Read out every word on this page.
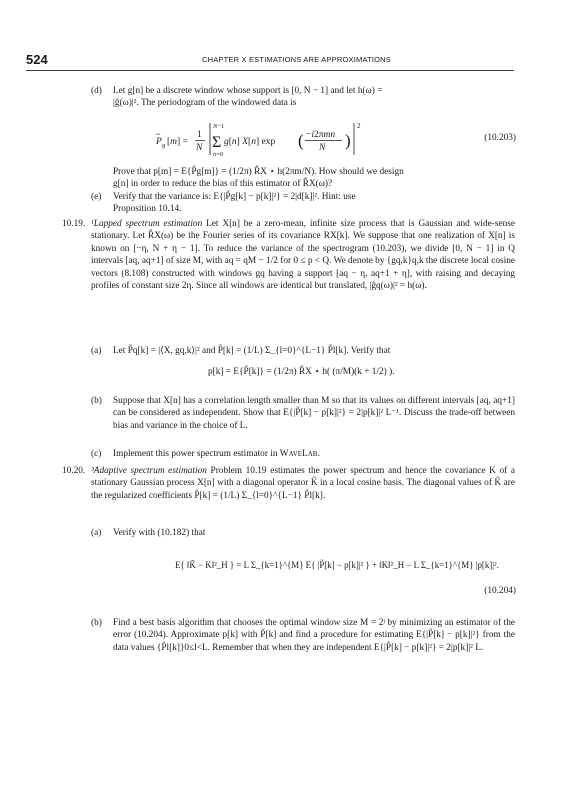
524	CHAPTER X ESTIMATIONS ARE APPROXIMATIONS
(d) Let g[n] be a discrete window whose support is [0, N − 1] and let h(ω) =
|ĝ(ω)|². The periodogram of the windowed data is
P
~
g [m] =
1
N
N−1
Σ
n=0
g[n] X[n] exp ( −i2πmn
N )
2
(10.203)
Prove that p[m] = E{P̃g[m]} = (1/2π) R̂X ⋆ h(2πm/N). How should we design
g[n] in order to reduce the bias of this estimator of R̂X(ω)?
(e) Verify that the variance is: E{|P̃g[k] − p[k]|²} = 2|d[k]|². Hint: use
Proposition 10.14.
10.19. ¹Lapped spectrum estimation Let X[n] be a zero-mean, infinite size process that is Gaussian and wide-sense stationary. Let R̂X(ω) be the Fourier series of its covariance RX[k]. We suppose that one realization of X[n] is known on [−η, N + η − 1]. To reduce the variance of the spectrogram (10.203), we divide [0, N − 1] in Q intervals [aq, aq+1] of size M, with aq = qM − 1/2 for 0 ≤ p < Q. We denote by {gq,k}q,k the discrete local cosine vectors (8.108) constructed with windows gq having a support [aq − η, aq+1 + η], with raising and decaying profiles of constant size 2η. Since all windows are identical but translated, |ĝq(ω)|² = h(ω).
(a) Let P̃q[k] = |⟨X, gq,k⟩|² and P̃[k] = (1/L) Σ_{l=0}^{L−1} P̃l[k]. Verify that
p[k] = E{P̃[k]} = (1/2π) R̂X ⋆ h( (π/M)(k + 1/2) ).
(b) Suppose that X[n] has a correlation length smaller than M so that its values on different intervals [aq, aq+1] can be considered as independent. Show that E{|P̃[k] − p[k]|²} = 2|p[k]|² L⁻¹. Discuss the trade-off between bias and variance in the choice of L.
(c) Implement this power spectrum estimator in WaveLab.
10.20. ³Adaptive spectrum estimation Problem 10.19 estimates the power spectrum and hence the covariance K of a stationary Gaussian process X[n] with a diagonal operator K̃ in a local cosine basis. The diagonal values of K̃ are the regularized coefficients P̃[k] = (1/L) Σ_{l=0}^{L−1} P̃l[k].
(a) Verify with (10.182) that
E{ ‖K̃ − K‖²_H } = L Σ_{k=1}^{M} E{ |P̃[k] − p[k]|² } + ‖K‖²_H − L Σ_{k=1}^{M} |p[k]|².
(10.204)
(b) Find a best basis algorithm that chooses the optimal window size M = 2ʲ by minimizing an estimator of the error (10.204). Approximate p[k] with P̃[k] and find a procedure for estimating E{|P̃[k] − p[k]|²} from the data values {P̃l[k]}0≤l<L. Remember that when they are independent E{|P̃[k] − p[k]|²} = 2|p[k]|² L.
